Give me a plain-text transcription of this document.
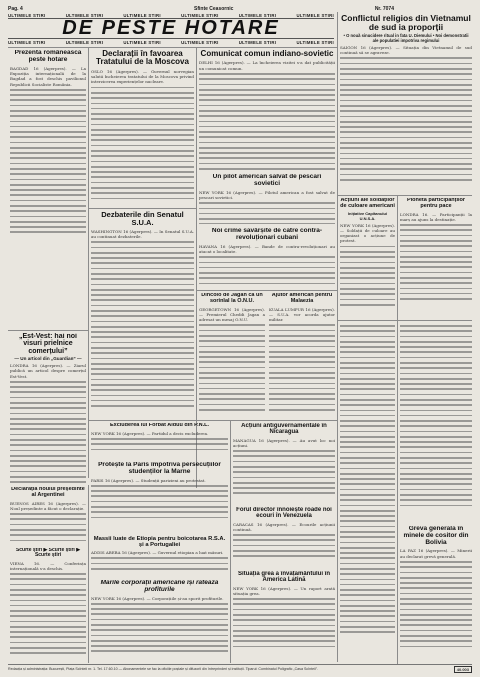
Pag. 4	Sfinte Ceasornic	Nr. 7074
ULTIMELE STIRI	ULTIMELE STIRI	ULTIMELE STIRI	ULTIMELE STIRI	ULTIMELE STIRI	ULTIMELE STIRI
DE PESTE HOTARE
ULTIMELE STIRI	ULTIMELE STIRI	ULTIMELE STIRI	ULTIMELE STIRI	ULTIMELE STIRI	ULTIMELE STIRI
Prezenta românească peste hotare
BAGDAD 16 (Agerpres). — La Expoziția internațională de la Bagdad a fost deschis pavilionul Republicii Socialiste România.
Declarații în favoarea Tratatului de la Moscova
OSLO 16 (Agerpres). — Guvernul norvegian salută încheierea tratatului de la Moscova privind interzicerea experiențelor nucleare.
Comunicat comun indiano-sovietic
DELHI 16 (Agerpres). — La încheierea vizitei s-a dat publicității un comunicat comun.
Un pilot american salvat de pescari sovietici
NEW YORK 16 (Agerpres). — Pilotul american a fost salvat de pescari sovietici.
Noi crime săvârșite de către contra-revoluționari cubani
HAVANA 16 (Agerpres). — Bande de contra-revoluționari au atacat o localitate.
Dincolo de Jagan ca un sorinîal la O.N.U.
GEORGETOWN 16 (Agerpres). — Premierul Cheddi Jagan a adresat un mesaj O.N.U.
Ajutor american pentru Malaezia
KUALA LUMPUR 16 (Agerpres). — S.U.A. vor acorda ajutor militar.
Conflictul religios din Vietnamul de sud ia proporții
• O nouă sinucidere ritual in fata U. Diemului • Noi demonstratii ale populatiei impotriva regimului
SAIGON 16 (Agerpres). — Situația din Vietnamul de sud continuă să se agraveze.
Acțiuni ale soldaților de culoare americani
Inițiative Capitanului U.N.S.A.
NEW YORK 16 (Agerpres). — Soldații de culoare au organizat o acțiune de protest.
Pioneta participanților pentru pace
LONDRA 16. — Participanții la marș au ajuns la destinație.
Dezbaterile din Senatul S.U.A.
WASHINGTON 16 (Agerpres). — In Senatul S.U.A. au continuat dezbaterile.
„Est-Vest: hai noi visuri prielnice comerțului”
— Un articol din „Guardian” —
LONDRA 16 (Agerpres). — Ziarul publică un articol despre comerțul Est-Vest.
Excluderea lui Forbat Alduu din P.N.L.
NEW YORK 16 (Agerpres). — Partidul a decis excluderea.
Protește la Paris împotriva persecuțiilor studenților la Marne
PARIS 16 (Agerpres). — Studenții parizieni au protestat.
Massii luate de Etiopia pentru boicotarea R.S.A. și a Portugaliei
ADDIS ABEBA 16 (Agerpres). — Guvernul etiopian a luat măsuri.
Marile corporații americane își ratează profiturile
NEW YORK 16 (Agerpres). — Corporațiile și-au sporit profiturile.
Declarația noului președinte al Argentinei
BUENOS AIRES 16 (Agerpres). — Noul președinte a făcut o declarație.
Scurte știri ▶ Scurte știri ▶ Scurte știri
VIENA 16. — Conferința internațională s-a deschis.
Acțiuni antiguvernamentale în Nicaragua
MANAGUA 16 (Agerpres). — Au avut loc noi acțiuni.
Forul director înnoiește roade noi ecouri în Venezuela
CARACAS 16 (Agerpres). — Ecourile acțiunii continuă.
Situația grea a învățământului în America Latină
NEW YORK 16 (Agerpres). — Un raport arată situația grea.
Grevă generală în minele de cositor din Bolivia
LA PAZ 16 (Agerpres). — Minerii au declarat grevă generală.
Redacția și administrația: București, Piața Scînteii nr. 1. Tel. 17.60.10 — Abonamentele se fac la oficiile poștale și difuzorii din întreprinderi și instituții. Tiparul: Combinatul Poligrafic „Casa Scînteii”.	40.003
